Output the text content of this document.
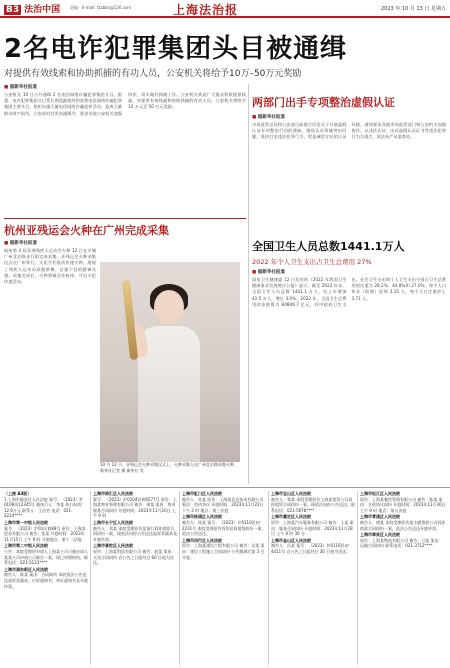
B3 法治中国 责编 · E-mail: fzzbbs@126.com	上海法治报	2023 年 10 月 13 日 星期五
2名电诈犯罪集团头目被通缉
对提供有效线索和协助抓捕的有功人员，公安机关将给予10万–50万元奖励
■ 据新华社报道
公安机关 10 日公开通缉 2 名电信网络诈骗犯罪集团头目。据悉，电诈犯罪集团头目系长期盘踞境外的涉我电信网络诈骗犯罪集团主要头目，组织实施大量电信网络诈骗犯罪活动，造成大量群众财产损失。公安部对其发布通缉令，要求各地公安机关加强协作，切实做好抓捕工作。公安机关欢迎广大群众积极提供线索，对提供有效线索和协助抓捕的有功人员，公安机关将给予 10 万元至 50 万元奖励。
杭州亚残运会火种在广州完成采集
■ 据新华社报道
杭州第 4 届亚洲残疾人运动会火种 12 日在羊城广州北京路步行街完成采集。亚残运会火种采集仪式在广州举行，火炬手们依次传递火种，展现了残疾人运动员顽强拼搏、自强不息的精神风貌。采集完成后，火种将被送往杭州，开启火炬传递活动。
10 月 12 日，亚残运会火种采集仪式上，火种采集人在广州北京路采集火种。新华社记者 摄 新华社 发
两部门出手专项整治虚假认证
■ 据新华社报道
市场监管总局和公安部日前联合印发关于开展虚假认证专项整治行动的通知，聚焦认证领域突出问题，坚决打击违法犯罪行为，营造诚信守法的认证环境。通知要求各地市场监管部门和公安机关加强协作，以违法认证、出具虚假认证证书等违法犯罪行为为重点，依法从严从重查处。
全国卫生人员总数1441.1万人
2022 年个人卫生支出占卫生总费用 27%
■ 据新华社报道
国家卫生健康委 12 日发布的《2022 年我国卫生健康事业发展统计公报》显示，截至 2022 年末，全国卫生人员总数 1441.1 万人，比上年增加 42.5 万人，增长 3.0%。2022 年，全国卫生总费用初步推算为 84846.7 亿元，其中政府卫生支出、社会卫生支出和个人卫生支出分别占卫生总费用的比重为 28.2%、44.8%和 27.0%。每千人口执业（助理）医师 3.15 人，每千人口注册护士 3.71 人。

（上接 A3版）
1.上海市静安区人民法院 案号：（2023）沪0106执12345号 被执行人：李某 执行标的：12.6万元 联系人：王法官 电话：021-2224****

上海市第一中级人民法院
案号：（2023）沪01民初88号 原告：上海某贸易有限公司 被告：张某 开庭时间：2023年11月15日 上午 9 时 开庭地点：第十二法庭

上海市第二中级人民法院
公告：本院受理的申请人上海某公司与被申请人某某公司申请公示催告一案，现已审理终结。联系电话：021-5123****

上海市浦东新区人民法院
被告人：陈某 案由：合同纠纷 本院依法公告送达起诉状副本、应诉通知书、举证通知书及开庭传票。

上海市徐汇区人民法院
案号：（2023）沪0104民初6577号 原告：上海某物业管理有限公司 被告：周某 案由：物业服务合同纠纷 开庭时间：2023年11月20日 上午 9 时

上海市长宁区人民法院
被告人：刘某 本院受理原告某银行诉你借款合同纠纷一案，现依法向你公告送达起诉状副本及开庭传票。

上海市普陀区人民法院
原告：上海某科技有限公司 被告：赵某 案由：买卖合同纠纷 自公告之日起经过 60 日视为送达。

上海市虹口区人民法院
被告人：孙某 原告：上海某信息技术有限公司 案由：劳动争议 开庭时间：2023年11月22日 下午 2 时 地点：第三法庭

上海市杨浦区人民法院
被告人：周某 案号：（2023）沪0110民初2231号 本院受理原告诉你民间借贷纠纷一案，依法公告送达。

上海市闵行区人民法院
原告：上海某建设工程有限公司 被告：吴某 案由：建设工程施工合同纠纷 公告期满后第 3 日开庭。

上海市宝山区人民法院
被告人：郑某 本院受理原告上海某租赁公司诉你租赁合同纠纷一案，现依法向你公告送达。联系电话：021-5678****

上海市嘉定区人民法院
原告：上海某汽车服务有限公司 被告：王某 案由：服务合同纠纷 开庭时间：2023年11月28日 上午 9 时 30 分

上海市金山区人民法院
被告人：冯某 案号：（2023）沪0116民初4411号 自公告之日起经过 30 日视为送达。

上海市松江区人民法院
原告：上海某餐饮管理有限公司 被告：陈某 案由：合伙协议纠纷 开庭时间：2023年11月30日 上午 9 时 地点：第五法庭

上海市青浦区人民法院
被告人：褚某 本院受理原告某小额贷款公司诉你借款合同纠纷一案，依法公告送达开庭传票。

上海市奉贤区人民法院
原告：上海某物流有限公司 被告：卫某 案由：运输合同纠纷 联系电话：021-3712****
